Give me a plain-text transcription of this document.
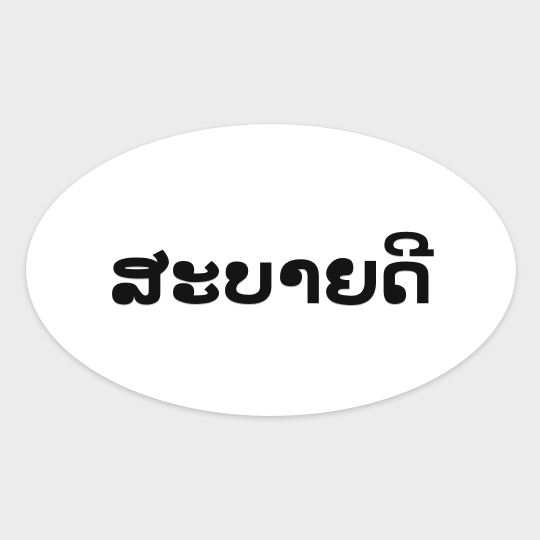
ສະບາຍດີ
